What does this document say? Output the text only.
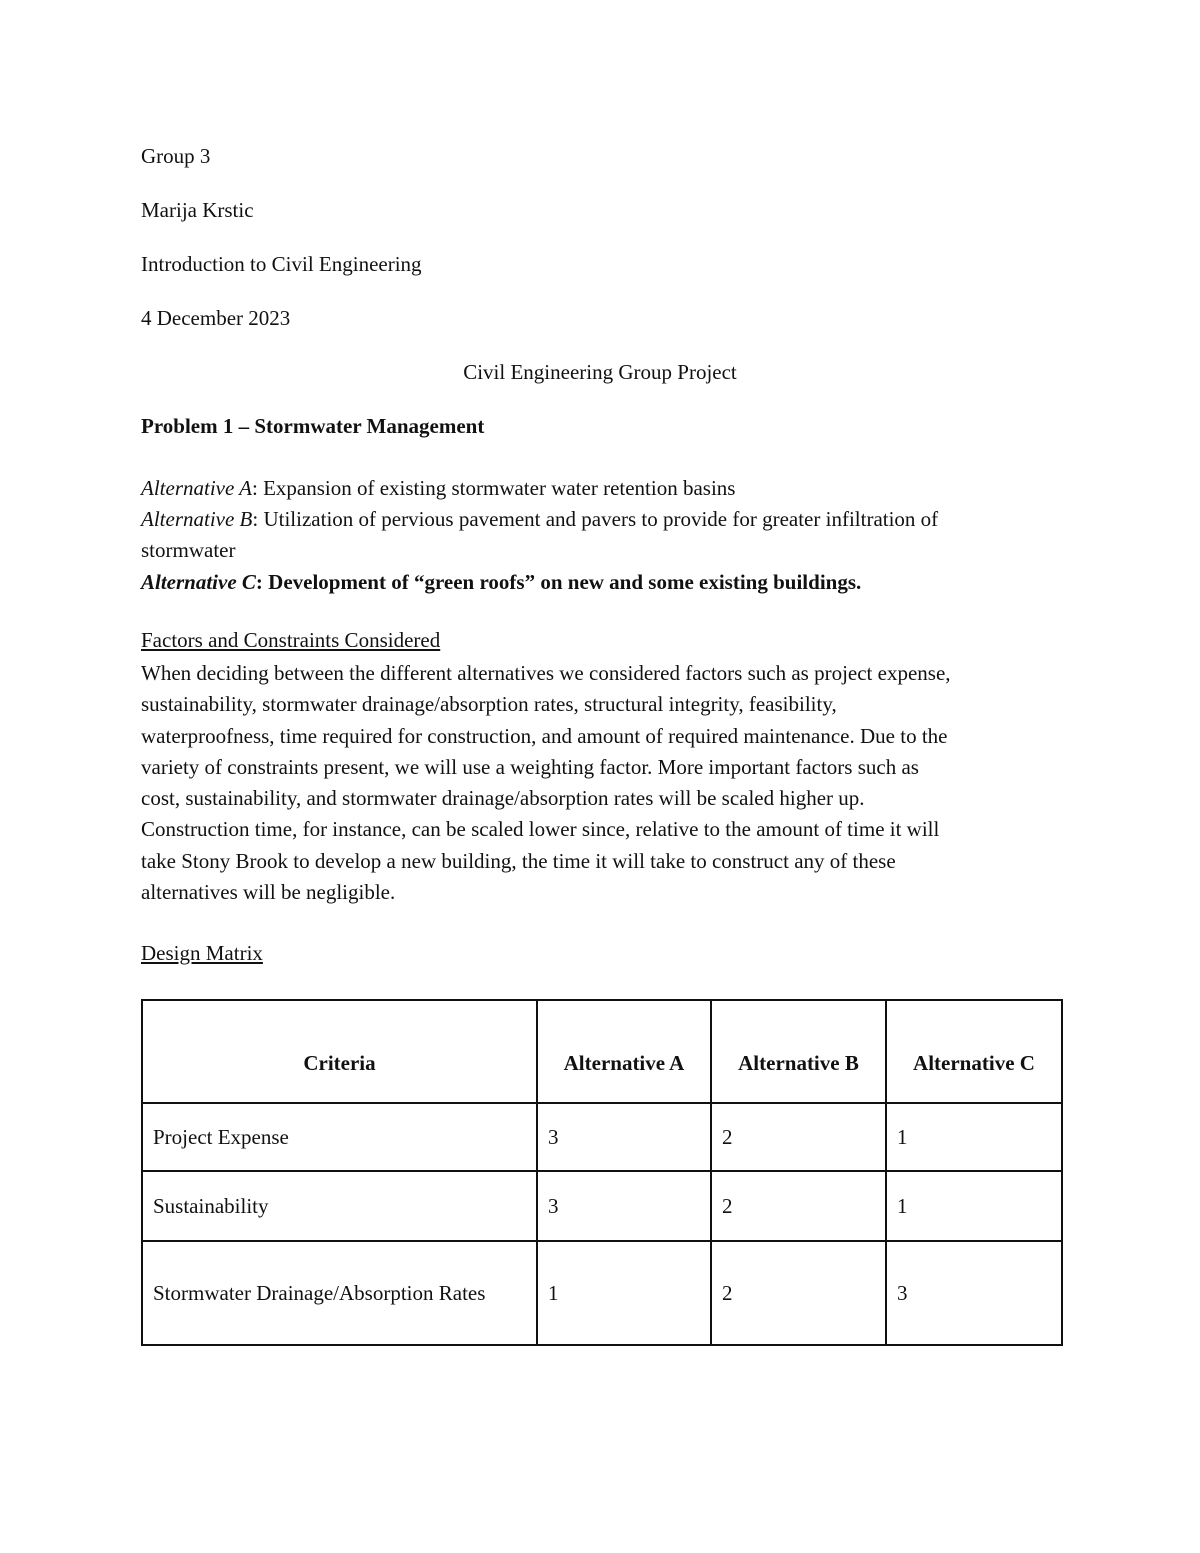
Group 3
Marija Krstic
Introduction to Civil Engineering
4 December 2023
Civil Engineering Group Project
Problem 1 – Stormwater Management
Alternative A: Expansion of existing stormwater water retention basins
Alternative B: Utilization of pervious pavement and pavers to provide for greater infiltration of
stormwater
Alternative C: Development of “green roofs” on new and some existing buildings.
Factors and Constraints Considered
When deciding between the different alternatives we considered factors such as project expense,
sustainability, stormwater drainage/absorption rates, structural integrity, feasibility,
waterproofness, time required for construction, and amount of required maintenance. Due to the
variety of constraints present, we will use a weighting factor. More important factors such as
cost, sustainability, and stormwater drainage/absorption rates will be scaled higher up.
Construction time, for instance, can be scaled lower since, relative to the amount of time it will
take Stony Brook to develop a new building, the time it will take to construct any of these
alternatives will be negligible.
Design Matrix
Criteria	Alternative A	Alternative B	Alternative C
Project Expense	3	2	1
Sustainability	3	2	1
Stormwater Drainage/Absorption Rates	1	2	3
